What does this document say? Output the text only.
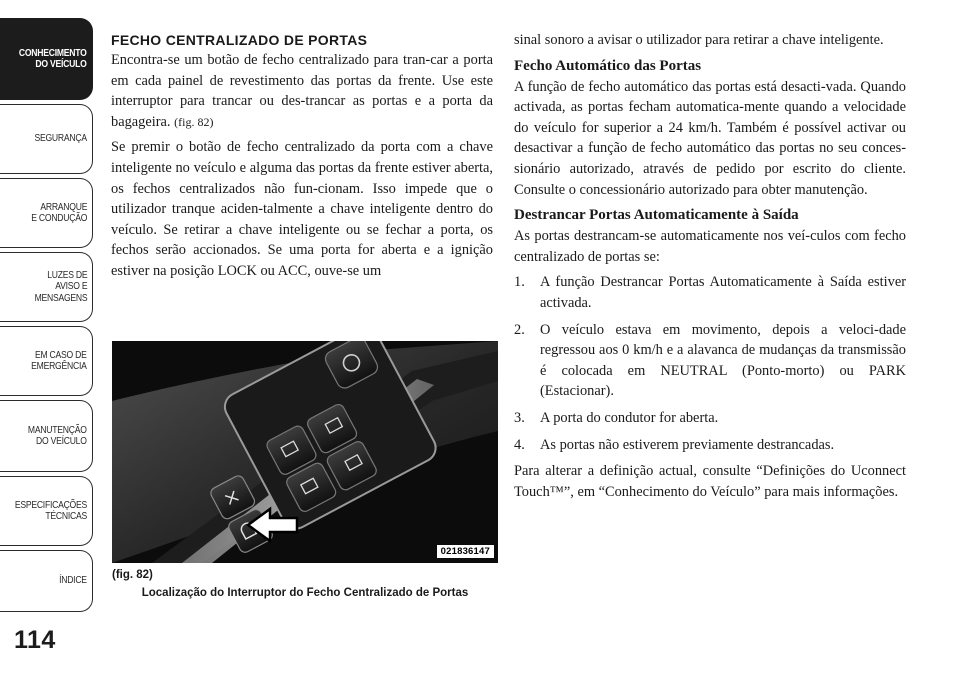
CONHECIMENTO
DO VEÍCULO
SEGURANÇA
ARRANQUE
E CONDUÇÃO
LUZES DE
AVISO E
MENSAGENS
EM CASO DE
EMERGÊNCIA
MANUTENÇÃO
DO VEÍCULO
ESPECIFICAÇÕES
TÉCNICAS
ÍNDICE
114
FECHO CENTRALIZADO DE PORTAS

Encontra-se um botão de fecho centralizado para tran-car a porta em cada painel de revestimento das portas da frente. Use este interruptor para trancar ou des-trancar as portas e a porta da bagageira. (fig. 82)

Se premir o botão de fecho centralizado da porta com a chave inteligente no veículo e alguma das portas da frente estiver aberta, os fechos centralizados não fun-cionam. Isso impede que o utilizador tranque aciden-talmente a chave inteligente dentro do veículo. Se retirar a chave inteligente ou se fechar a porta, os fechos serão accionados. Se uma porta for aberta e a ignição estiver na posição LOCK ou ACC, ouve-se um

021836147
(fig. 82)
Localização do Interruptor do Fecho Centralizado de Portas

sinal sonoro a avisar o utilizador para retirar a chave inteligente.

Fecho Automático das Portas

A função de fecho automático das portas está desacti-vada. Quando activada, as portas fecham automatica-mente quando a velocidade do veículo for superior a 24 km/h. Também é possível activar ou desactivar a função de fecho automático das portas no seu conces-sionário autorizado, através de pedido por escrito do cliente. Consulte o concessionário autorizado para obter manutenção.

Destrancar Portas Automaticamente à Saída

As portas destrancam-se automaticamente nos veí-culos com fecho centralizado de portas se:

1.	A função Destrancar Portas Automaticamente à Saída estiver activada.
2.	O veículo estava em movimento, depois a veloci-dade regressou aos 0 km/h e a alavanca de mudanças da transmissão é colocada em NEUTRAL (Ponto-morto) ou PARK (Estacionar).
3.	A porta do condutor for aberta.
4.	As portas não estiverem previamente destrancadas.

Para alterar a definição actual, consulte “Definições do Uconnect Touch™”, em “Conhecimento do Veículo” para mais informações.
